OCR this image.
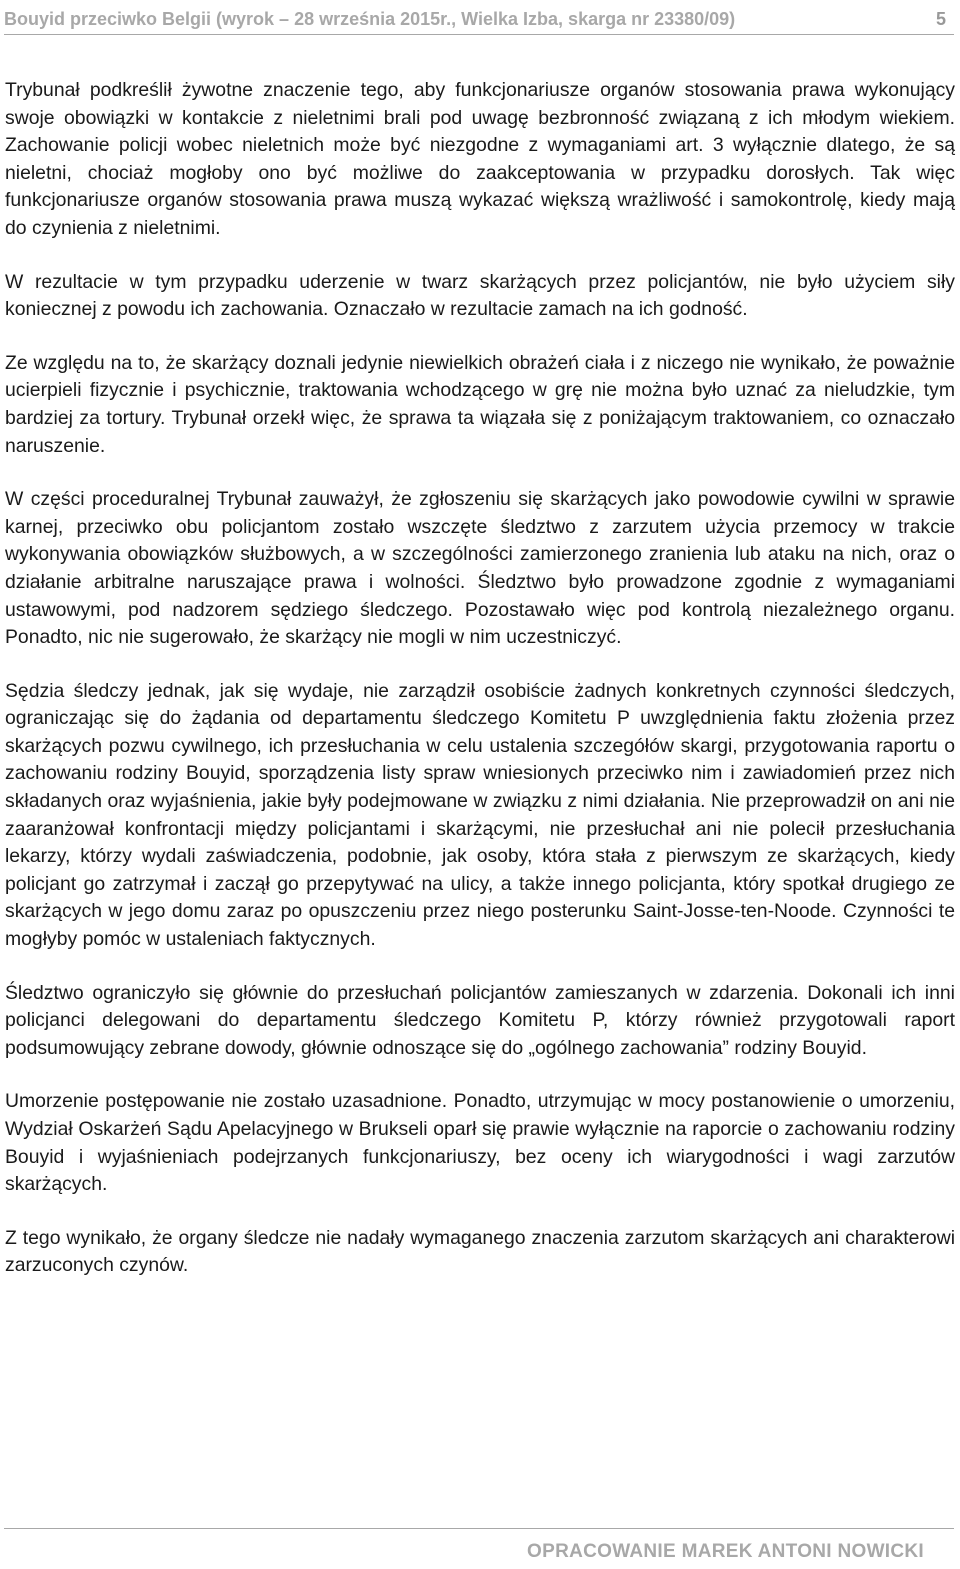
Bouyid przeciwko Belgii (wyrok – 28 września 2015r., Wielka Izba, skarga nr 23380/09)	5

Trybunał podkreślił żywotne znaczenie tego, aby funkcjonariusze organów stosowania prawa wykonujący swoje obowiązki w kontakcie z nieletnimi brali pod uwagę bezbronność związaną z ich młodym wiekiem. Zachowanie policji wobec nieletnich może być niezgodne z wymaganiami art. 3 wyłącznie dlatego, że są nieletni, chociaż mogłoby ono być możliwe do zaakceptowania w przypadku dorosłych. Tak więc funkcjonariusze organów stosowania prawa muszą wykazać większą wrażliwość i samokontrolę, kiedy mają do czynienia z nieletnimi.

W rezultacie w tym przypadku uderzenie w twarz skarżących przez policjantów, nie było użyciem siły koniecznej z powodu ich zachowania. Oznaczało w rezultacie zamach na ich godność.

Ze względu na to, że skarżący doznali jedynie niewielkich obrażeń ciała i z niczego nie wynikało, że poważnie ucierpieli fizycznie i psychicznie, traktowania wchodzącego w grę nie można było uznać za nieludzkie, tym bardziej za tortury. Trybunał orzekł więc, że sprawa ta wiązała się z poniżającym traktowaniem, co oznaczało naruszenie.

W części proceduralnej Trybunał zauważył, że zgłoszeniu się skarżących jako powodowie cywilni w sprawie karnej, przeciwko obu policjantom zostało wszczęte śledztwo z zarzutem użycia przemocy w trakcie wykonywania obowiązków służbowych, a w szczególności zamierzonego zranienia lub ataku na nich, oraz o działanie arbitralne naruszające prawa i wolności. Śledztwo było prowadzone zgodnie z wymaganiami ustawowymi, pod nadzorem sędziego śledczego. Pozostawało więc pod kontrolą niezależnego organu. Ponadto, nic nie sugerowało, że skarżący nie mogli w nim uczestniczyć.

Sędzia śledczy jednak, jak się wydaje, nie zarządził osobiście żadnych konkretnych czynności śledczych, ograniczając się do żądania od departamentu śledczego Komitetu P uwzględnienia faktu złożenia przez skarżących pozwu cywilnego, ich przesłuchania w celu ustalenia szczegółów skargi, przygotowania raportu o zachowaniu rodziny Bouyid, sporządzenia listy spraw wniesionych przeciwko nim i zawiadomień przez nich składanych oraz wyjaśnienia, jakie były podejmowane w związku z nimi działania. Nie przeprowadził on ani nie zaaranżował konfrontacji między policjantami i skarżącymi, nie przesłuchał ani nie polecił przesłuchania lekarzy, którzy wydali zaświadczenia, podobnie, jak osoby, która stała z pierwszym ze skarżących, kiedy policjant go zatrzymał i zaczął go przepytywać na ulicy, a także innego policjanta, który spotkał drugiego ze skarżących w jego domu zaraz po opuszczeniu przez niego posterunku Saint-Josse-ten-Noode. Czynności te mogłyby pomóc w ustaleniach faktycznych.

Śledztwo ograniczyło się głównie do przesłuchań policjantów zamieszanych w zdarzenia. Dokonali ich inni policjanci delegowani do departamentu śledczego Komitetu P, którzy również przygotowali raport podsumowujący zebrane dowody, głównie odnoszące się do „ogólnego zachowania” rodziny Bouyid.

Umorzenie postępowanie nie zostało uzasadnione. Ponadto, utrzymując w mocy postanowienie o umorzeniu, Wydział Oskarżeń Sądu Apelacyjnego w Brukseli oparł się prawie wyłącznie na raporcie o zachowaniu rodziny Bouyid i wyjaśnieniach podejrzanych funkcjonariuszy, bez oceny ich wiarygodności i wagi zarzutów skarżących.

Z tego wynikało, że organy śledcze nie nadały wymaganego znaczenia zarzutom skarżących ani charakterowi zarzuconych czynów.

OPRACOWANIE MAREK ANTONI NOWICKI
